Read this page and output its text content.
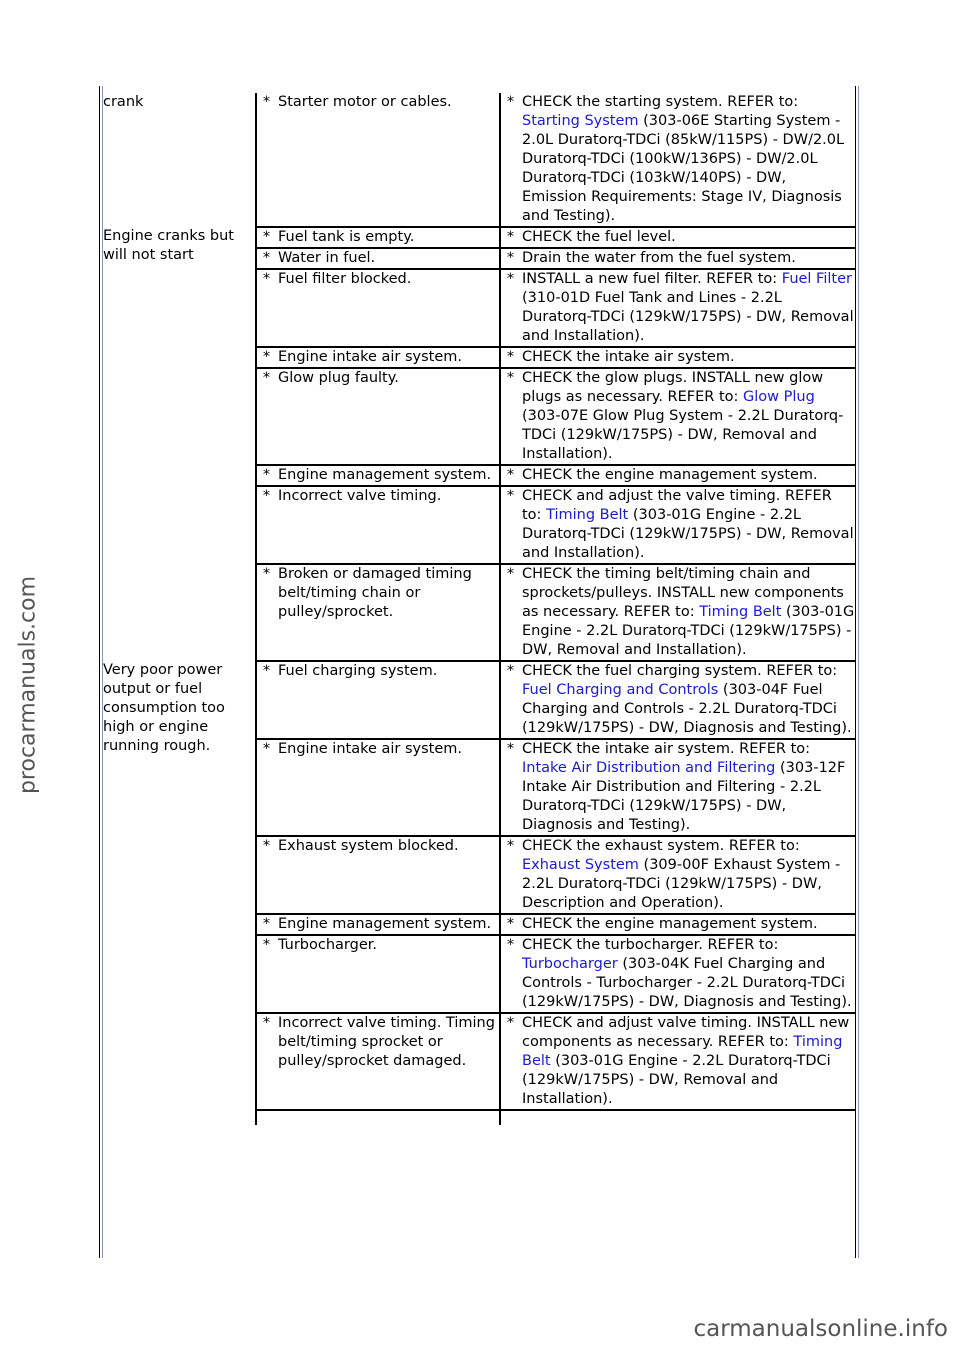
crank	* Starter motor or cables.	* CHECK the starting system. REFER to: Starting System (303-06E Starting System - 2.0L Duratorq-TDCi (85kW/115PS) - DW/2.0L Duratorq-TDCi (100kW/136PS) - DW/2.0L Duratorq-TDCi (103kW/140PS) - DW, Emission Requirements: Stage IV, Diagnosis and Testing).

Engine cranks but will not start	* Fuel tank is empty.	* CHECK the fuel level.

	* Water in fuel.	* Drain the water from the fuel system.

	* Fuel filter blocked.	* INSTALL a new fuel filter. REFER to: Fuel Filter (310-01D Fuel Tank and Lines - 2.2L Duratorq-TDCi (129kW/175PS) - DW, Removal and Installation).

	* Engine intake air system.	* CHECK the intake air system.

	* Glow plug faulty.	* CHECK the glow plugs. INSTALL new glow plugs as necessary. REFER to: Glow Plug (303-07E Glow Plug System - 2.2L Duratorq-TDCi (129kW/175PS) - DW, Removal and Installation).

	* Engine management system.	* CHECK the engine management system.

	* Incorrect valve timing.	* CHECK and adjust the valve timing. REFER to: Timing Belt (303-01G Engine - 2.2L Duratorq-TDCi (129kW/175PS) - DW, Removal and Installation).

	* Broken or damaged timing belt/timing chain or pulley/sprocket.	* CHECK the timing belt/timing chain and sprockets/pulleys. INSTALL new components as necessary. REFER to: Timing Belt (303-01G Engine - 2.2L Duratorq-TDCi (129kW/175PS) - DW, Removal and Installation).

Very poor power output or fuel consumption too high or engine running rough.	* Fuel charging system.	* CHECK the fuel charging system. REFER to: Fuel Charging and Controls (303-04F Fuel Charging and Controls - 2.2L Duratorq-TDCi (129kW/175PS) - DW, Diagnosis and Testing).

	* Engine intake air system.	* CHECK the intake air system. REFER to: Intake Air Distribution and Filtering (303-12F Intake Air Distribution and Filtering - 2.2L Duratorq-TDCi (129kW/175PS) - DW, Diagnosis and Testing).

	* Exhaust system blocked.	* CHECK the exhaust system. REFER to: Exhaust System (309-00F Exhaust System - 2.2L Duratorq-TDCi (129kW/175PS) - DW, Description and Operation).

	* Engine management system.	* CHECK the engine management system.

	* Turbocharger.	* CHECK the turbocharger. REFER to: Turbocharger (303-04K Fuel Charging and Controls - Turbocharger - 2.2L Duratorq-TDCi (129kW/175PS) - DW, Diagnosis and Testing).

	* Incorrect valve timing. Timing belt/timing sprocket or pulley/sprocket damaged.	* CHECK and adjust valve timing. INSTALL new components as necessary. REFER to: Timing Belt (303-01G Engine - 2.2L Duratorq-TDCi (129kW/175PS) - DW, Removal and Installation).

procarmanuals.com
carmanualsonline.info
